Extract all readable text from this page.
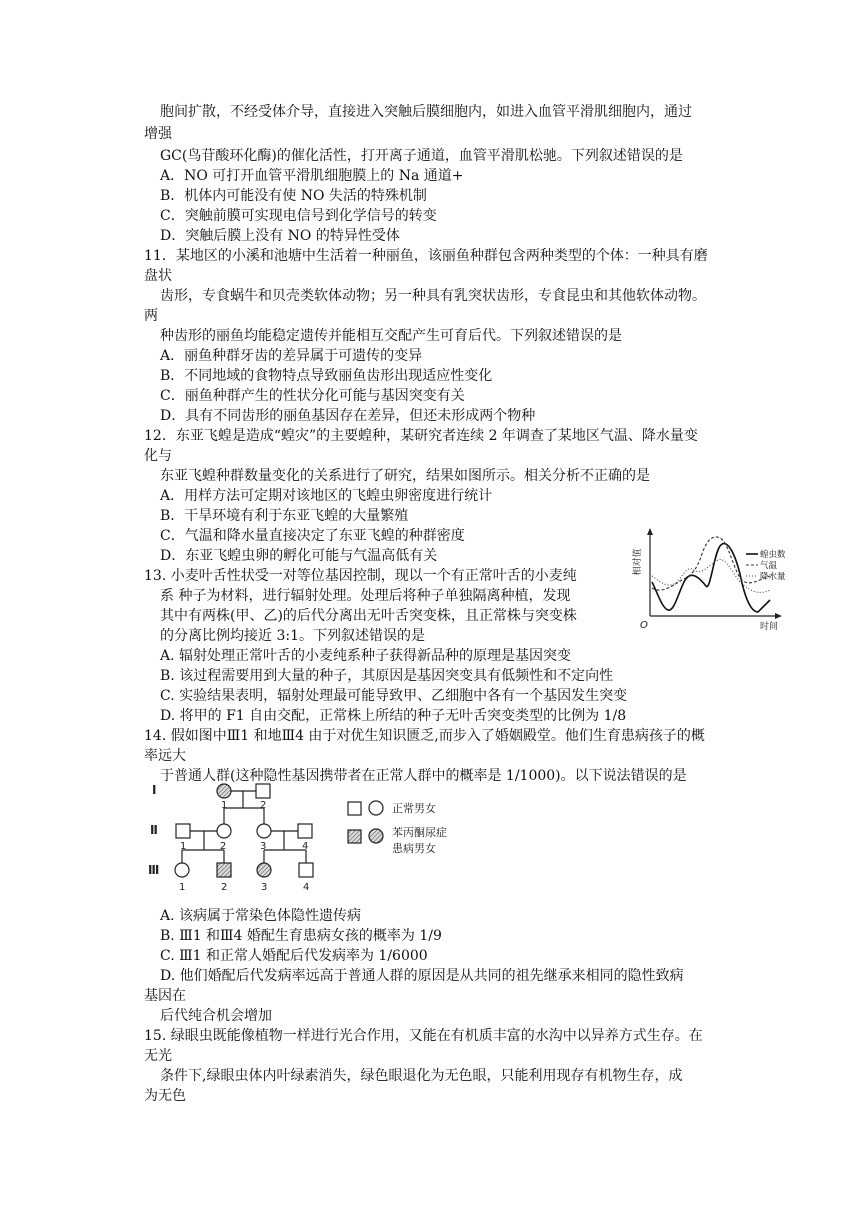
胞间扩散，不经受体介导，直接进入突触后膜细胞内，如进入血管平滑肌细胞内，通过
增强
GC(鸟苷酸环化酶)的催化活性，打开离子通道，血管平滑肌松驰。下列叙述错误的是
A．NO 可打开血管平滑肌细胞膜上的 Na 通道+
B．机体内可能没有使 NO 失活的特殊机制
C．突触前膜可实现电信号到化学信号的转变
D．突触后膜上没有 NO 的特异性受体
11．某地区的小溪和池塘中生活着一种丽鱼，该丽鱼种群包含两种类型的个体：一种具有磨
盘状
齿形，专食蜗牛和贝壳类软体动物；另一种具有乳突状齿形，专食昆虫和其他软体动物。
两
种齿形的丽鱼均能稳定遗传并能相互交配产生可育后代。下列叙述错误的是
A．丽鱼种群牙齿的差异属于可遗传的变异
B．不同地域的食物特点导致丽鱼齿形出现适应性变化
C．丽鱼种群产生的性状分化可能与基因突变有关
D．具有不同齿形的丽鱼基因存在差异，但还未形成两个物种
12．东亚飞蝗是造成“蝗灾”的主要蝗种，某研究者连续 2 年调查了某地区气温、降水量变
化与
东亚飞蝗种群数量变化的关系进行了研究，结果如图所示。相关分析不正确的是
A．用样方法可定期对该地区的飞蝗虫卵密度进行统计
B．干旱环境有利于东亚飞蝗的大量繁殖
C．气温和降水量直接决定了东亚飞蝗的种群密度
D．东亚飞蝗虫卵的孵化可能与气温高低有关
13. 小麦叶舌性状受一对等位基因控制，现以一个有正常叶舌的小麦纯
系 种子为材料，进行辐射处理。处理后将种子单独隔离种植，发现
其中有两株(甲、乙)的后代分离出无叶舌突变株，且正常株与突变株
的分离比例均接近 3:1。下列叙述错误的是
A. 辐射处理正常叶舌的小麦纯系种子获得新品种的原理是基因突变
B. 该过程需要用到大量的种子，其原因是基因突变具有低频性和不定向性
C. 实验结果表明，辐射处理最可能导致甲、乙细胞中各有一个基因发生突变
D. 将甲的 F1 自由交配，正常株上所结的种子无叶舌突变类型的比例为 1/8
14. 假如图中Ⅲ1 和地Ⅲ4 由于对优生知识匮乏,而步入了婚姻殿堂。他们生育患病孩子的概
率远大
于普通人群(这种隐性基因携带者在正常人群中的概率是 1/1000)。以下说法错误的是
A. 该病属于常染色体隐性遗传病
B. Ⅲ1 和Ⅲ4 婚配生育患病女孩的概率为 1/9
C. Ⅲ1 和正常人婚配后代发病率为 1/6000
D. 他们婚配后代发病率远高于普通人群的原因是从共同的祖先继承来相同的隐性致病
基因在
后代纯合机会增加
15. 绿眼虫既能像植物一样进行光合作用，又能在有机质丰富的水沟中以异养方式生存。在
无光
条件下,绿眼虫体内叶绿素消失，绿色眼退化为无色眼，只能利用现存有机物生存，成
为无色
相对值
O	时间
蝗虫数
气温
降水量
Ⅰ
Ⅱ
Ⅲ
1	2
1	2	3	4
1	2	3	4
正常男女
苯丙酮尿症
患病男女
